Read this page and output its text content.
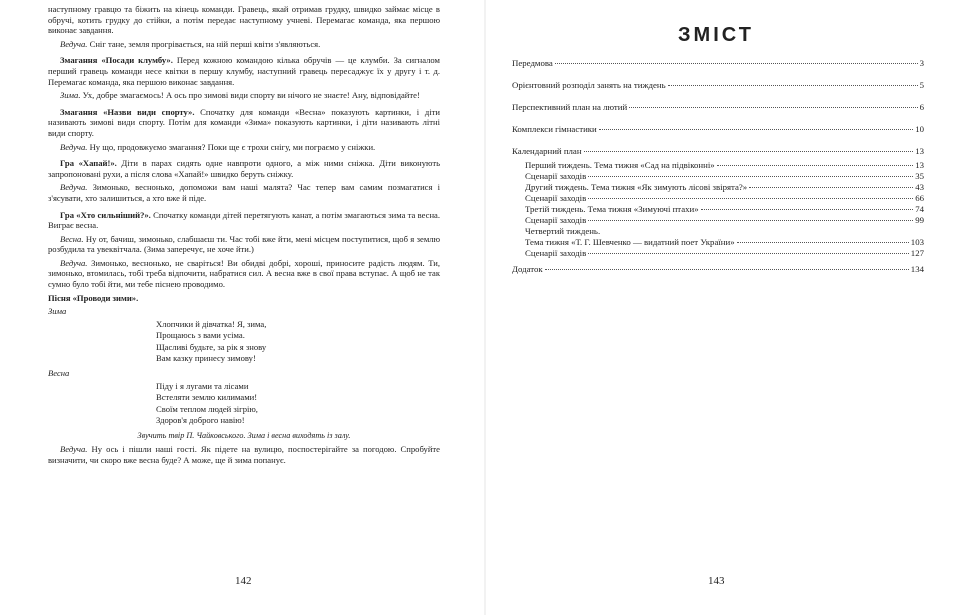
наступному гравцю та біжить на кінець команди. Гравець, якай отримав грудку, швидко займає місце в обручі, котить грудку до стійки, а потім передає наступному учневі. Перемагає команда, яка першою виконає завдання.

Ведуча. Сніг тане, земля прогрівається, на ній перші квіти з'являються.

Змагання «Посади клумбу». Перед кожною командою кілька обручів — це клумби. За сигналом перший гравець команди несе квітки в першу клумбу, наступний гравець пересаджує їх у другу і т. д. Перемагає команда, яка першою виконає завдання.

Зима. Ух, добре змагаємось! А ось про зимові види спорту ви нічого не знаєте! Ану, відповідайте!

Змагання «Назви види спорту». Спочатку для команди «Весна» показують картинки, і діти називають зимові види спорту. Потім для команди «Зима» показують картинки, і діти називають літні види спорту.

Ведуча. Ну що, продовжуємо змагання? Поки ще є трохи снігу, ми пограємо у сніжки.

Гра «Хапай!». Діти в парах сидять одне навпроти одного, а між ними сніжка. Діти виконують запропоновані рухи, а після слова «Хапай!» швидко беруть сніжку.

Ведуча. Зимонько, веснонько, допоможи вам наші малята? Час тепер вам самим позмагатися і з'ясувати, хто залишиться, а хто вже й піде.

Гра «Хто сильніший?». Спочатку команди дітей перетягують канат, а потім змагаються зима та весна. Виграє весна.

Весна. Ну от, бачиш, зимонько, слабшаєш ти. Час тобі вже йти, мені місцем поступитися, щоб я землю розбудила та увеквітчала. (Зима заперечує, не хоче йти.)

Ведуча. Зимонько, веснонько, не сваріться! Ви обидві добрі, хороші, приносите радість людям. Ти, зимонько, втомилась, тобі треба відпочити, набратися сил. А весна вже в свої права вступає. А щоб не так сумно було тобі йти, ми тебе піснею проводимо.

Пісня «Проводи зими».

Зима
Хлопчики й дівчатка! Я, зима,
Прощаюсь з вами усіма.
Щасливі будьте, за рік я знову
Вам казку принесу зимову!
Весна
Піду і я лугами та лісами
Встеляти землю килимами!
Своїм теплом людей зігрію,
Здоров'я доброго навію!

Звучить твір П. Чайковського. Зима і весна виходять із залу.

Ведуча. Ну ось і пішли наші гості. Як підете на вулицю, поспостерігайте за погодою. Спробуйте визначити, чи скоро вже весна буде? А може, ще й зима попанує.

142
ЗМІСТ
Передмова	3
Орієнтовний розподіл занять на тиждень	5
Перспективний план на лютий	6
Комплекси гімнастики	10
Календарний план	13
Перший тиждень. Тема тижня «Сад на підвіконні»	13
Сценарії заходів	35
Другий тиждень. Тема тижня «Як зимують лісові звірята?»	43
Сценарії заходів	66
Третій тиждень. Тема тижня «Зимуючі птахи»	74
Сценарії заходів	99
Четвертий тиждень.
Тема тижня «Т. Г. Шевченко — видатний поет України»	103
Сценарії заходів	127
Додаток	134
143
